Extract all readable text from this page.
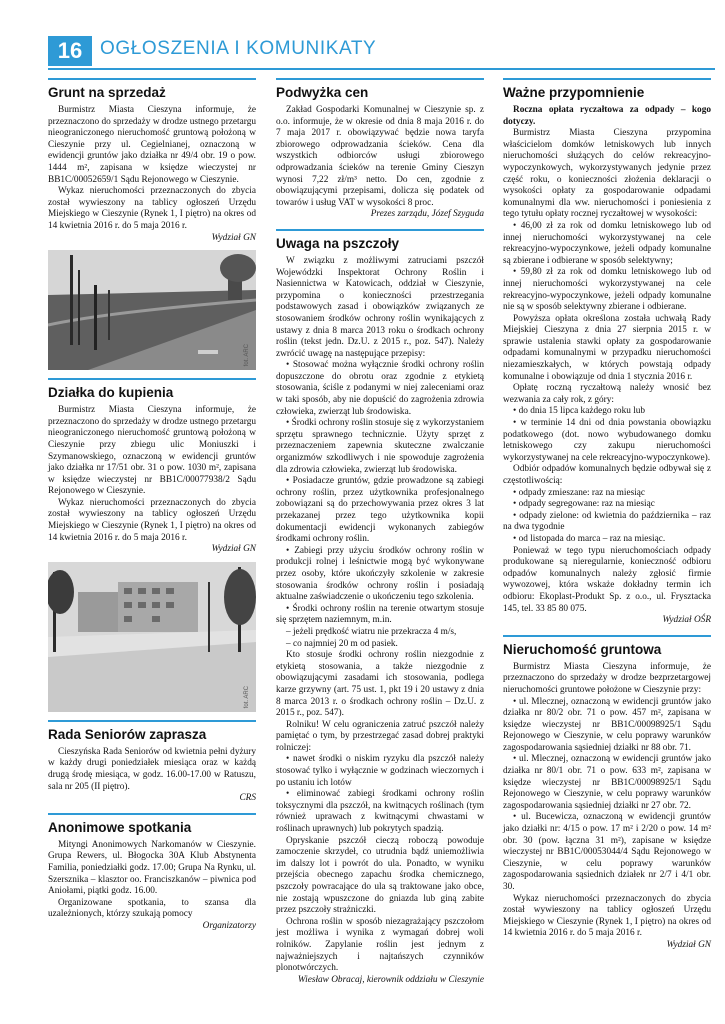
16 OGŁOSZENIA I KOMUNIKATY
Grunt na sprzedaż

Burmistrz Miasta Cieszyna informuje, że przeznaczono do sprzedaży w drodze ustnego przetargu nieograniczonego nieruchomość gruntową położoną w Cieszynie przy ul. Cegielnianej, oznaczoną w ewidencji gruntów jako działka nr 49/4 obr. 19 o pow. 1444 m², zapisana w księdze wieczystej nr BB1C/00052659/1 Sądu Rejonowego w Cieszynie.

Wykaz nieruchomości przeznaczonych do zbycia został wywieszony na tablicy ogłoszeń Urzędu Miejskiego w Cieszynie (Rynek 1, I piętro) na okres od 14 kwietnia 2016 r. do 5 maja 2016 r.

Wydział GN

fot. ARC
Działka do kupienia

Burmistrz Miasta Cieszyna informuje, że przeznaczono do sprzedaży w drodze ustnego przetargu nieograniczonego nieruchomość gruntową położoną w Cieszynie przy zbiegu ulic Moniuszki i Szymanowskiego, oznaczoną w ewidencji gruntów jako działka nr 17/51 obr. 31 o pow. 1030 m², zapisana w księdze wieczystej nr BB1C/00077938/2 Sądu Rejonowego w Cieszynie.

Wykaz nieruchomości przeznaczonych do zbycia został wywieszony na tablicy ogłoszeń Urzędu Miejskiego w Cieszynie (Rynek 1, I piętro) na okres od 14 kwietnia 2016 r. do 5 maja 2016 r.

Wydział GN

fot. ARC
Rada Seniorów zaprasza

Cieszyńska Rada Seniorów od kwietnia pełni dyżury w każdy drugi poniedziałek miesiąca oraz w każdą drugą środę miesiąca, w godz. 16.00-17.00 w Ratuszu, sala nr 205 (II piętro).

CRS

Anonimowe spotkania

Mityngi Anonimowych Narkomanów w Cieszynie. Grupa Rewers, ul. Błogocka 30A Klub Abstynenta Familia, poniedziałki godz. 17.00; Grupa Na Rynku, ul. Szersznika – klasztor oo. Franciszkanów – piwnica pod Aniołami, piątki godz. 16.00.

Organizowane spotkania, to szansa dla uzależnionych, którzy szukają pomocy

Organizatorzy

Podwyżka cen

Zakład Gospodarki Komunalnej w Cieszynie sp. z o.o. informuje, że w okresie od dnia 8 maja 2016 r. do 7 maja 2017 r. obowiązywać będzie nowa taryfa zbiorowego odprowadzania ścieków. Cena dla wszystkich odbiorców usługi zbiorowego odprowadzania ścieków na terenie Gminy Cieszyn wynosi 7,22 zł/m³ netto. Do cen, zgodnie z obowiązującymi przepisami, dolicza się podatek od towarów i usług VAT w wysokości 8 proc.

Prezes zarządu, Józef Szyguda

Uwaga na pszczoły

W związku z możliwymi zatruciami pszczół Wojewódzki Inspektorat Ochrony Roślin i Nasiennictwa w Katowicach, oddział w Cieszynie, przypomina o konieczności przestrzegania podstawowych zasad i obowiązków związanych ze stosowaniem środków ochrony roślin wynikających z ustawy z dnia 8 marca 2013 roku o środkach ochrony roślin (tekst jedn. Dz.U. z 2015 r., poz. 547). Należy zwrócić uwagę na następujące przepisy:

• Stosować można wyłącznie środki ochrony roślin dopuszczone do obrotu oraz zgodnie z etykietą stosowania, ściśle z podanymi w niej zaleceniami oraz w taki sposób, aby nie dopuścić do zagrożenia zdrowia człowieka, zwierząt lub środowiska.

• Środki ochrony roślin stosuje się z wykorzystaniem sprzętu sprawnego technicznie. Użyty sprzęt z przeznaczeniem zapewnia skuteczne zwalczanie organizmów szkodliwych i nie spowoduje zagrożenia dla zdrowia człowieka, zwierząt lub środowiska.

• Posiadacze gruntów, gdzie prowadzone są zabiegi ochrony roślin, przez użytkownika profesjonalnego zobowiązani są do przechowywania przez okres 3 lat przekazanej przez tego użytkownika kopii dokumentacji ewidencji wykonanych zabiegów środkami ochrony roślin.

• Zabiegi przy użyciu środków ochrony roślin w produkcji rolnej i leśnictwie mogą być wykonywane przez osoby, które ukończyły szkolenie w zakresie stosowania środków ochrony roślin i posiadają aktualne zaświadczenie o ukończeniu tego szkolenia.

• Środki ochrony roślin na terenie otwartym stosuje się sprzętem naziemnym, m.in.

– jeżeli prędkość wiatru nie przekracza 4 m/s,

– co najmniej 20 m od pasiek.

Kto stosuje środki ochrony roślin niezgodnie z etykietą stosowania, a także niezgodnie z obowiązującymi zasadami ich stosowania, podlega karze grzywny (art. 75 ust. 1, pkt 19 i 20 ustawy z dnia 8 marca 2013 r. o środkach ochrony roślin – Dz.U. z 2015 r., poz. 547).

Rolniku! W celu ograniczenia zatruć pszczół należy pamiętać o tym, by przestrzegać zasad dobrej praktyki rolniczej:

• nawet środki o niskim ryzyku dla pszczół należy stosować tylko i wyłącznie w godzinach wieczornych i po ustaniu ich lotów

• eliminować zabiegi środkami ochrony roślin toksycznymi dla pszczół, na kwitnących roślinach (tym również uprawach z kwitnącymi chwastami w roślinach uprawnych) lub pokrytych spadzią.

Opryskanie pszczół cieczą roboczą powoduje zamoczenie skrzydeł, co utrudnia bądź uniemożliwia im dalszy lot i powrót do ula. Ponadto, w wyniku przejścia obecnego zapachu środka chemicznego, pszczoły powracające do ula są traktowane jako obce, nie zostają wpuszczone do gniazda lub giną zabite przez pszczoły strażniczki.

Ochrona roślin w sposób niezagrażający pszczołom jest możliwa i wynika z wymagań dobrej woli rolników. Zapylanie roślin jest jednym z najważniejszych i najtańszych czynników plonotwórczych.

Wiesław Obracaj, kierownik oddziału w Cieszynie

Ważne przypomnienie

Roczna opłata ryczałtowa za odpady – kogo dotyczy.

Burmistrz Miasta Cieszyna przypomina właścicielom domków letniskowych lub innych nieruchomości służących do celów rekreacyjno-wypoczynkowych, wykorzystywanych jedynie przez część roku, o konieczności złożenia deklaracji o wysokości opłaty za gospodarowanie odpadami komunalnymi dla ww. nieruchomości i poniesienia z tego tytułu opłaty rocznej ryczałtowej w wysokości:

• 46,00 zł za rok od domku letniskowego lub od innej nieruchomości wykorzystywanej na cele rekreacyjno-wypoczynkowe, jeżeli odpady komunalne są zbierane i odbierane w sposób selektywny;

• 59,80 zł za rok od domku letniskowego lub od innej nieruchomości wykorzystywanej na cele rekreacyjno-wypoczynkowe, jeżeli odpady komunalne nie są w sposób selektywny zbierane i odbierane.

Powyższa opłata określona została uchwałą Rady Miejskiej Cieszyna z dnia 27 sierpnia 2015 r. w sprawie ustalenia stawki opłaty za gospodarowanie odpadami komunalnymi w przypadku nieruchomości niezamieszkałych, w których powstają odpady komunalne i obowiązuje od dnia 1 stycznia 2016 r.

Opłatę roczną ryczałtową należy wnosić bez wezwania za cały rok, z góry:

• do dnia 15 lipca każdego roku lub

• w terminie 14 dni od dnia powstania obowiązku podatkowego (dot. nowo wybudowanego domku letniskowego czy zakupu nieruchomości wykorzystywanej na cele rekreacyjno-wypoczynkowe).

Odbiór odpadów komunalnych będzie odbywał się z częstotliwością:

• odpady zmieszane: raz na miesiąc

• odpady segregowane: raz na miesiąc

• odpady zielone: od kwietnia do października – raz na dwa tygodnie

• od listopada do marca – raz na miesiąc.

Ponieważ w tego typu nieruchomościach odpady produkowane są nieregularnie, konieczność odbioru odpadów komunalnych należy zgłosić firmie wywozowej, która wskaże dokładny termin ich odbioru: Ekoplast-Produkt Sp. z o.o., ul. Frysztacka 145, tel. 33 85 80 075.

Wydział OŚR

Nieruchomość gruntowa

Burmistrz Miasta Cieszyna informuje, że przeznaczono do sprzedaży w drodze bezprzetargowej nieruchomości gruntowe położone w Cieszynie przy:

• ul. Mlecznej, oznaczoną w ewidencji gruntów jako działka nr 80/2 obr. 71 o pow. 457 m², zapisana w księdze wieczystej nr BB1C/00098925/1 Sądu Rejonowego w Cieszynie, w celu poprawy warunków zagospodarowania sąsiedniej działki nr 88 obr. 71.

• ul. Mlecznej, oznaczoną w ewidencji gruntów jako działka nr 80/1 obr. 71 o pow. 633 m², zapisana w księdze wieczystej nr BB1C/00098925/1 Sądu Rejonowego w Cieszynie, w celu poprawy warunków zagospodarowania sąsiedniej działki nr 27 obr. 72.

• ul. Bucewicza, oznaczoną w ewidencji gruntów jako działki nr: 4/15 o pow. 17 m² i 2/20 o pow. 14 m² obr. 30 (pow. łączna 31 m²), zapisane w księdze wieczystej nr BB1C/00053044/4 Sądu Rejonowego w Cieszynie, w celu poprawy warunków zagospodarowania sąsiednich działek nr 2/7 i 4/1 obr. 30.

Wykaz nieruchomości przeznaczonych do zbycia został wywieszony na tablicy ogłoszeń Urzędu Miejskiego w Cieszynie (Rynek 1, I piętro) na okres od 14 kwietnia 2016 r. do 5 maja 2016 r.

Wydział GN
